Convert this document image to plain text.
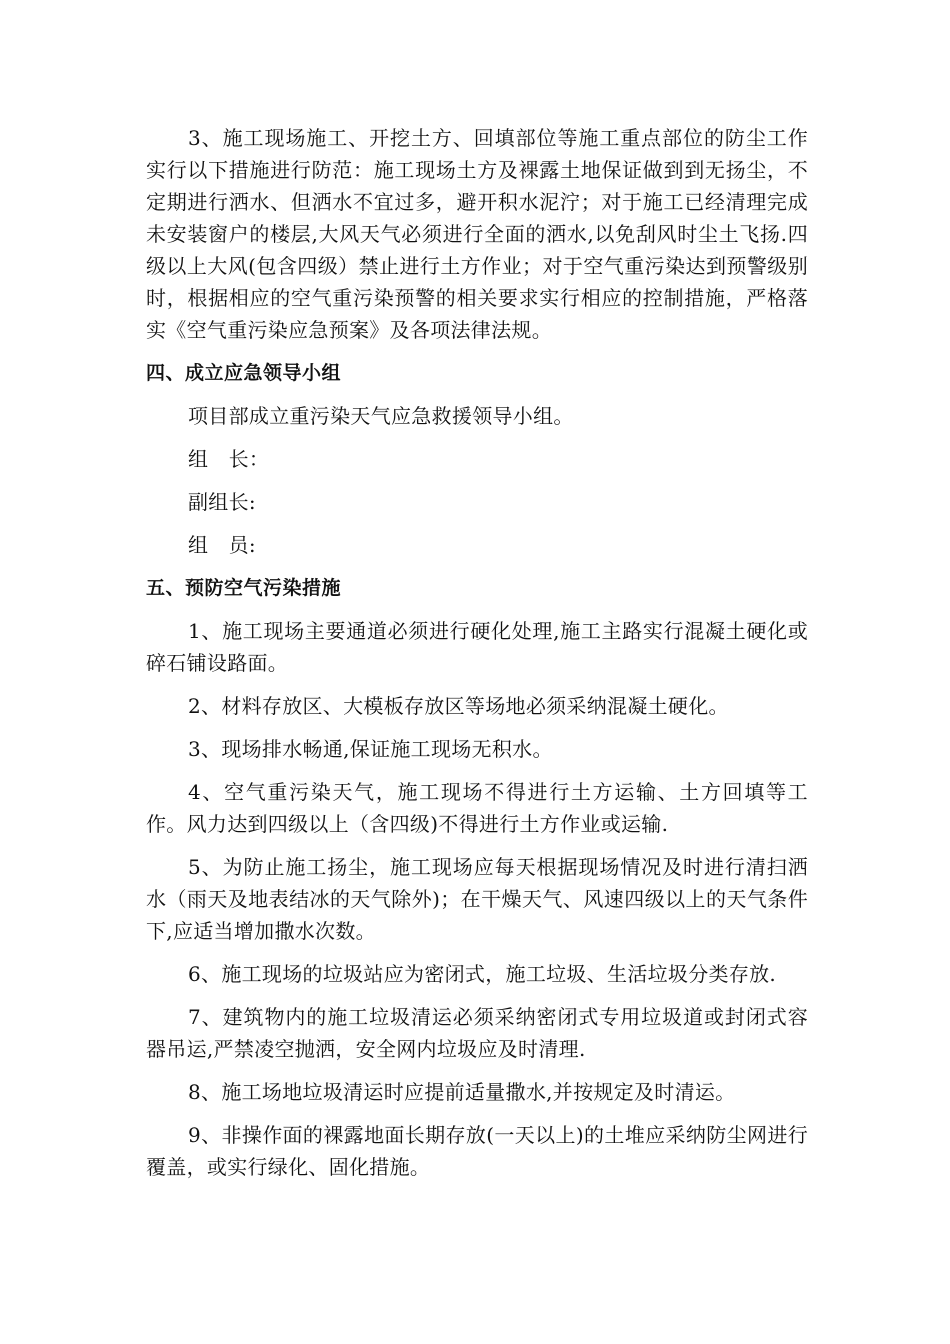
3、施工现场施工、开挖土方、回填部位等施工重点部位的防尘工作实行以下措施进行防范：施工现场土方及裸露土地保证做到到无扬尘，不定期进行洒水、但洒水不宜过多，避开积水泥泞；对于施工已经清理完成未安装窗户的楼层,大风天气必须进行全面的洒水,以免刮风时尘土飞扬.四级以上大风(包含四级）禁止进行土方作业；对于空气重污染达到预警级别时，根据相应的空气重污染预警的相关要求实行相应的控制措施，严格落实《空气重污染应急预案》及各项法律法规。

四、成立应急领导小组

项目部成立重污染天气应急救援领导小组。

组　长：
副组长:
组　员:
五、预防空气污染措施

1、施工现场主要通道必须进行硬化处理,施工主路实行混凝土硬化或碎石铺设路面。

2、材料存放区、大模板存放区等场地必须采纳混凝土硬化。

3、现场排水畅通,保证施工现场无积水。

4、空气重污染天气，施工现场不得进行土方运输、土方回填等工作。风力达到四级以上（含四级)不得进行土方作业或运输.

5、为防止施工扬尘，施工现场应每天根据现场情况及时进行清扫洒水（雨天及地表结冰的天气除外)；在干燥天气、风速四级以上的天气条件下,应适当增加撒水次数。

6、施工现场的垃圾站应为密闭式，施工垃圾、生活垃圾分类存放.

7、建筑物内的施工垃圾清运必须采纳密闭式专用垃圾道或封闭式容器吊运,严禁凌空抛洒，安全网内垃圾应及时清理.

8、施工场地垃圾清运时应提前适量撒水,并按规定及时清运。

9、非操作面的裸露地面长期存放(一天以上)的土堆应采纳防尘网进行覆盖，或实行绿化、固化措施。
